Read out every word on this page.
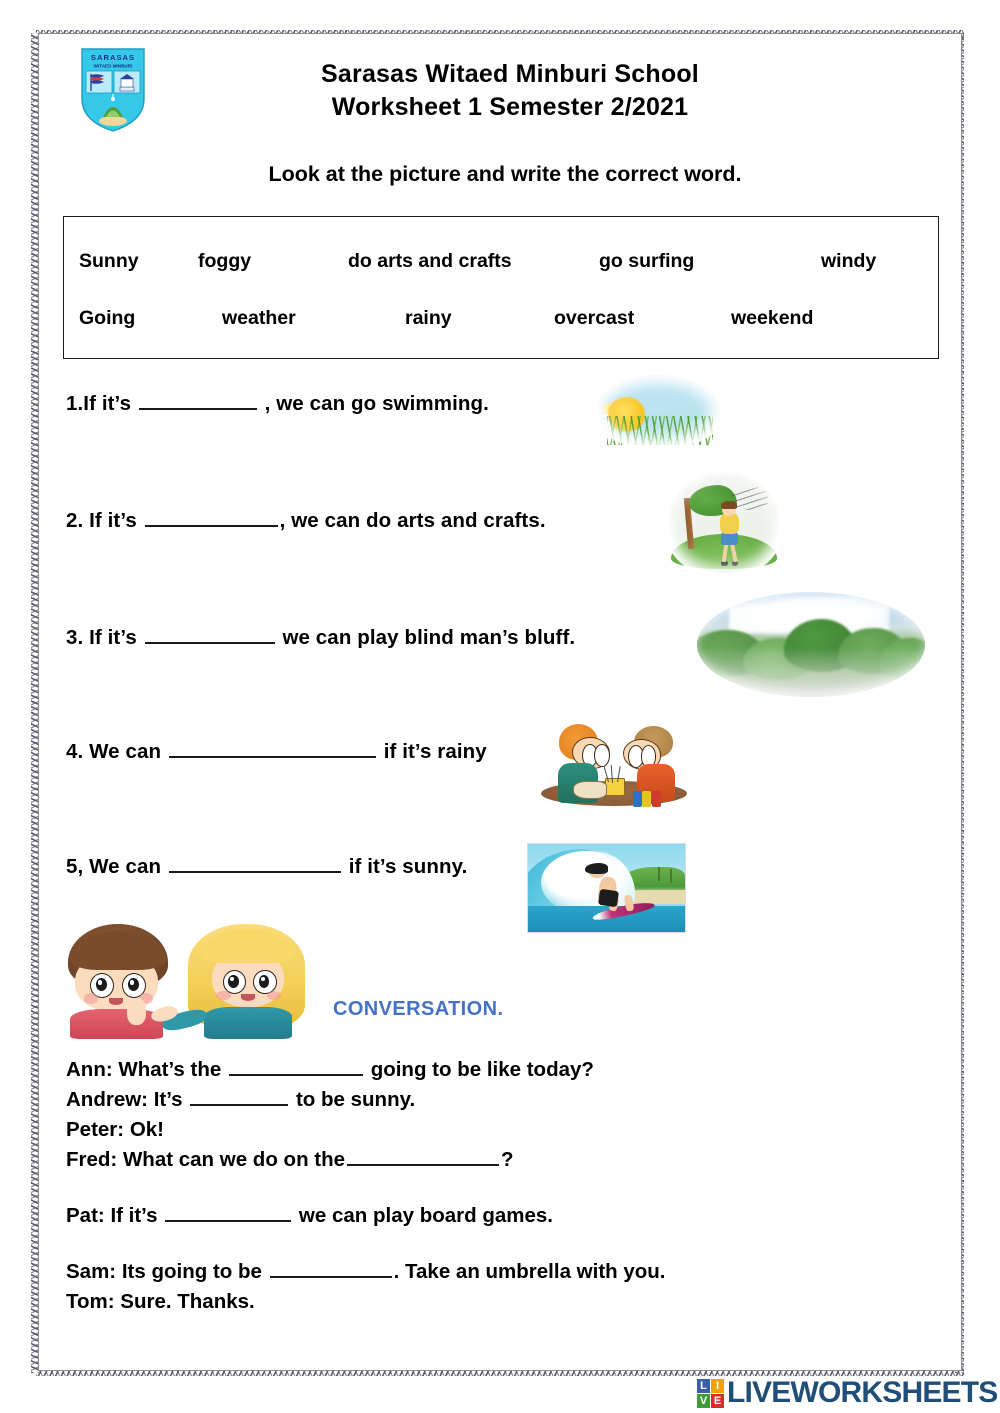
SARASAS
WITAED MINBURI	Sarasas Witaed Minburi School
Worksheet 1 Semester 2/2021
Look at the picture and write the correct word.
Sunny	foggy	do arts and crafts	go surfing	windy
Going	weather	rainy	overcast	weekend
1.If it’s	, we can go swimming.
2. If it’s	, we can do arts and crafts.
3. If it’s	we can play blind man’s bluff.
4. We can	if it’s rainy
5, We can	if it’s sunny.
CONVERSATION.
Ann: What’s the	going to be like today?
Andrew: It’s	to be sunny.
Peter: Ok!
Fred: What can we do on the	?
Pat: If it’s	we can play board games.
Sam: Its going to be	. Take an umbrella with you.
Tom: Sure. Thanks.
L I
V E LIVEWORKSHEETS
